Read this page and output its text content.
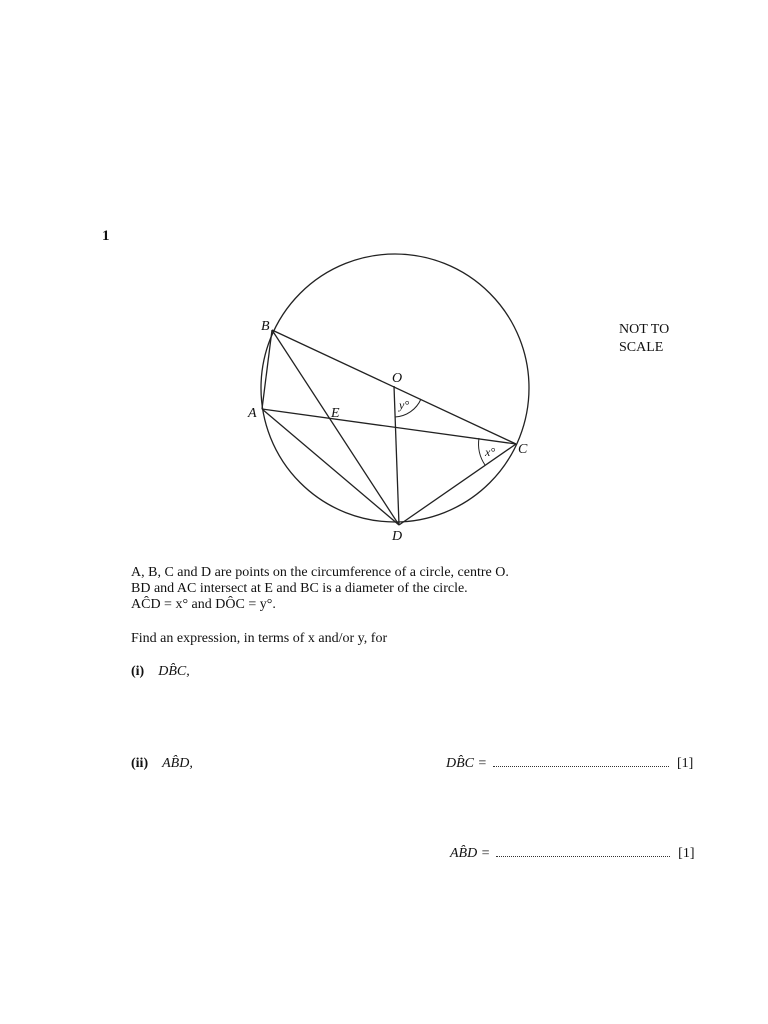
1
NOT TO
SCALE
B
A
O
E
C
D
y°
x°
A, B, C and D are points on the circumference of a circle, centre O.
BD and AC intersect at E and BC is a diameter of the circle.
AĈD = x° and DÔC = y°.
Find an expression, in terms of x and/or y, for
(i) DB̂C,
(ii) AB̂D,	DB̂C =	[1]
AB̂D =	[1]
